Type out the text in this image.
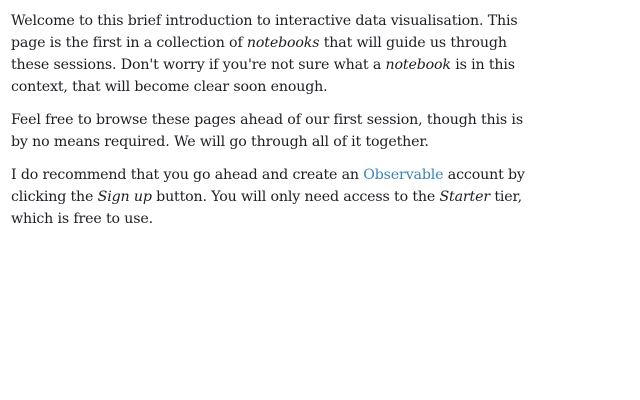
Welcome to this brief introduction to interactive data visualisation. This page is the first in a collection of notebooks that will guide us through these sessions. Don't worry if you're not sure what a notebook is in this context, that will become clear soon enough.

Feel free to browse these pages ahead of our first session, though this is by no means required. We will go through all of it together.

I do recommend that you go ahead and create an Observable account by clicking the Sign up button. You will only need access to the Starter tier, which is free to use.
